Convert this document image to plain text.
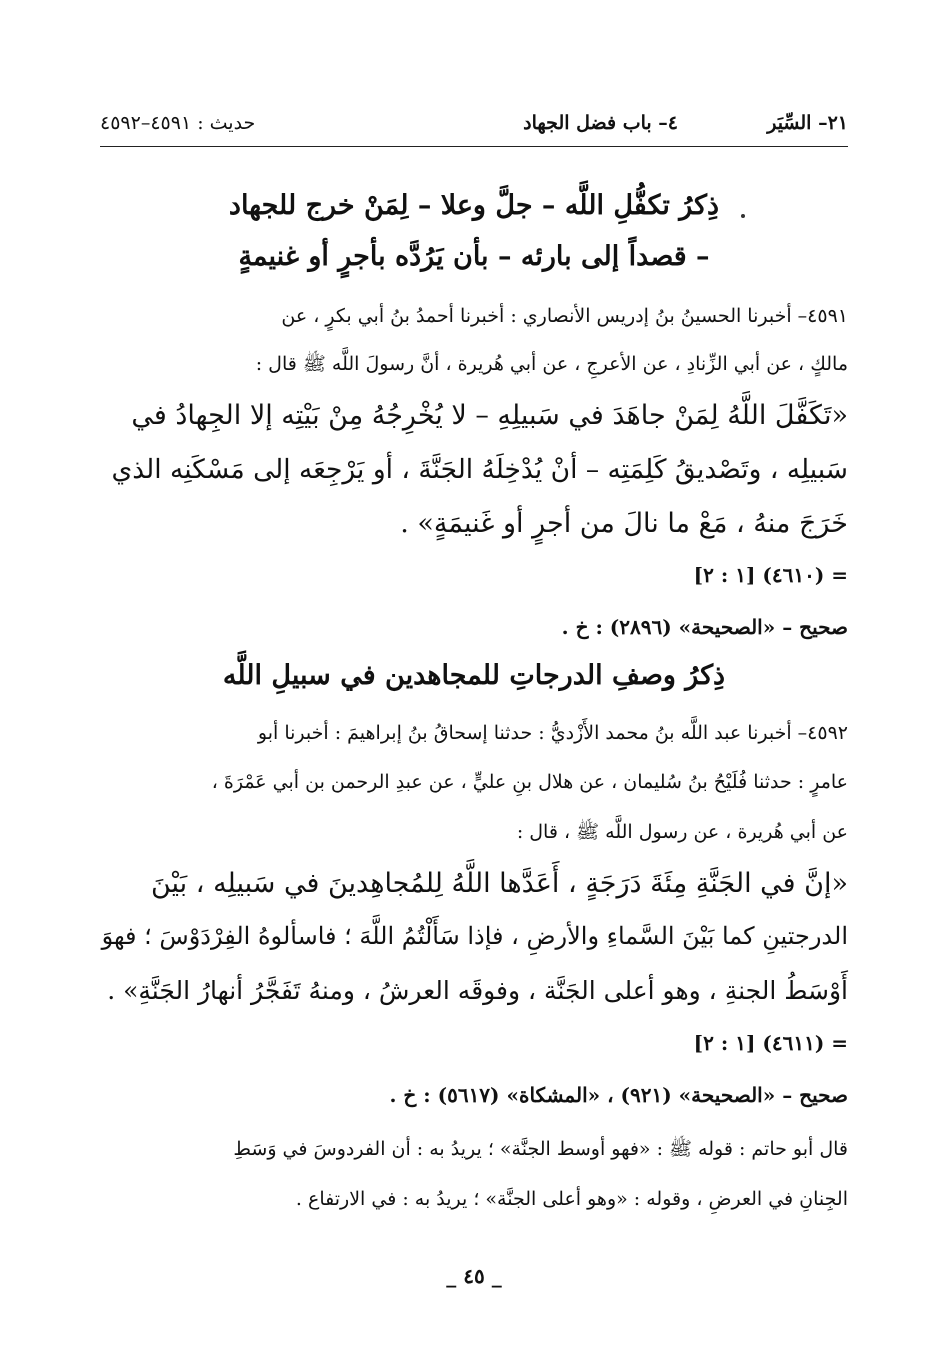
٢١– السِّيَر
٤– باب فضل الجهاد
حديث : ٤٥٩١–٤٥٩٢
ذِكرُ تكفُّلِ اللَّه – جلَّ وعلا – لِمَنْ خرج للجهاد
– قصداً إلى بارئه – بأن يَرُدَّه بأجرٍ أو غنيمةٍ
٤٥٩١– أخبرنا الحسينُ بنُ إدريس الأنصاري : أخبرنا أحمدُ بنُ أبي بكرٍ ، عن
مالكٍ ، عن أبي الزِّنادِ ، عن الأعرجِ ، عن أبي هُريرة ، أنَّ رسولَ اللَّه ﷺ قال :
«تَكَفَّلَ اللَّهُ لِمَنْ جاهَدَ في سَبيلِهِ – لا يُخْرِجُهُ مِنْ بَيْتِه إلا الجِهادُ في
سَبيلِه ، وتَصْديقُ كَلِمَتِه – أنْ يُدْخِلَهُ الجَنَّةَ ، أو يَرْجِعَه إلى مَسْكَنِه الذي
خَرَجَ منهُ ، مَعْ ما نالَ من أجرٍ أو غَنيمَةٍ» .
= (٤٦١٠) [١ : ٢]
صحيح – «الصحيحة» (٢٨٩٦) : خ .
ذِكرُ وصفِ الدرجاتِ للمجاهدين في سبيلِ اللَّه
٤٥٩٢– أخبرنا عبد اللَّه بنُ محمد الأَزْديُّ : حدثنا إسحاقُ بنُ إبراهيمَ : أخبرنا أبو
عامرٍ : حدثنا فُلَيْحُ بنُ سُليمان ، عن هلال بنِ عليٍّ ، عن عبدِ الرحمن بن أبي عَمْرَةَ ،
عن أبي هُريرة ، عن رسول اللَّه ﷺ ، قال :
«إنَّ في الجَنَّةِ مِئَةَ دَرَجَةٍ ، أَعَدَّها اللَّهُ لِلمُجاهِدينَ في سَبيلِه ، بَيْنَ
الدرجتينِ كما بَيْنَ السَّماءِ والأرضِ ، فإذا سَأَلْتُمُ اللَّهَ ؛ فاسألوهُ الفِرْدَوْسَ ؛ فهوَ
أَوْسَطُ الجنةِ ، وهو أعلى الجَنَّة ، وفوقَه العرشُ ، ومنهُ تَفَجَّرُ أنهارُ الجَنَّةِ» .
= (٤٦١١) [١ : ٢]
صحيح – «الصحيحة» (٩٢١) ، «المشكاة» (٥٦١٧) : خ .
قال أبو حاتم : قوله ﷺ : «فهو أوسط الجنَّة» ؛ يريدُ به : أن الفردوسَ في وَسَطِ
الجِنانِ في العرضِ ، وقوله : «وهو أعلى الجنَّة» ؛ يريدُ به : في الارتفاع .
_ ٤٥ _
